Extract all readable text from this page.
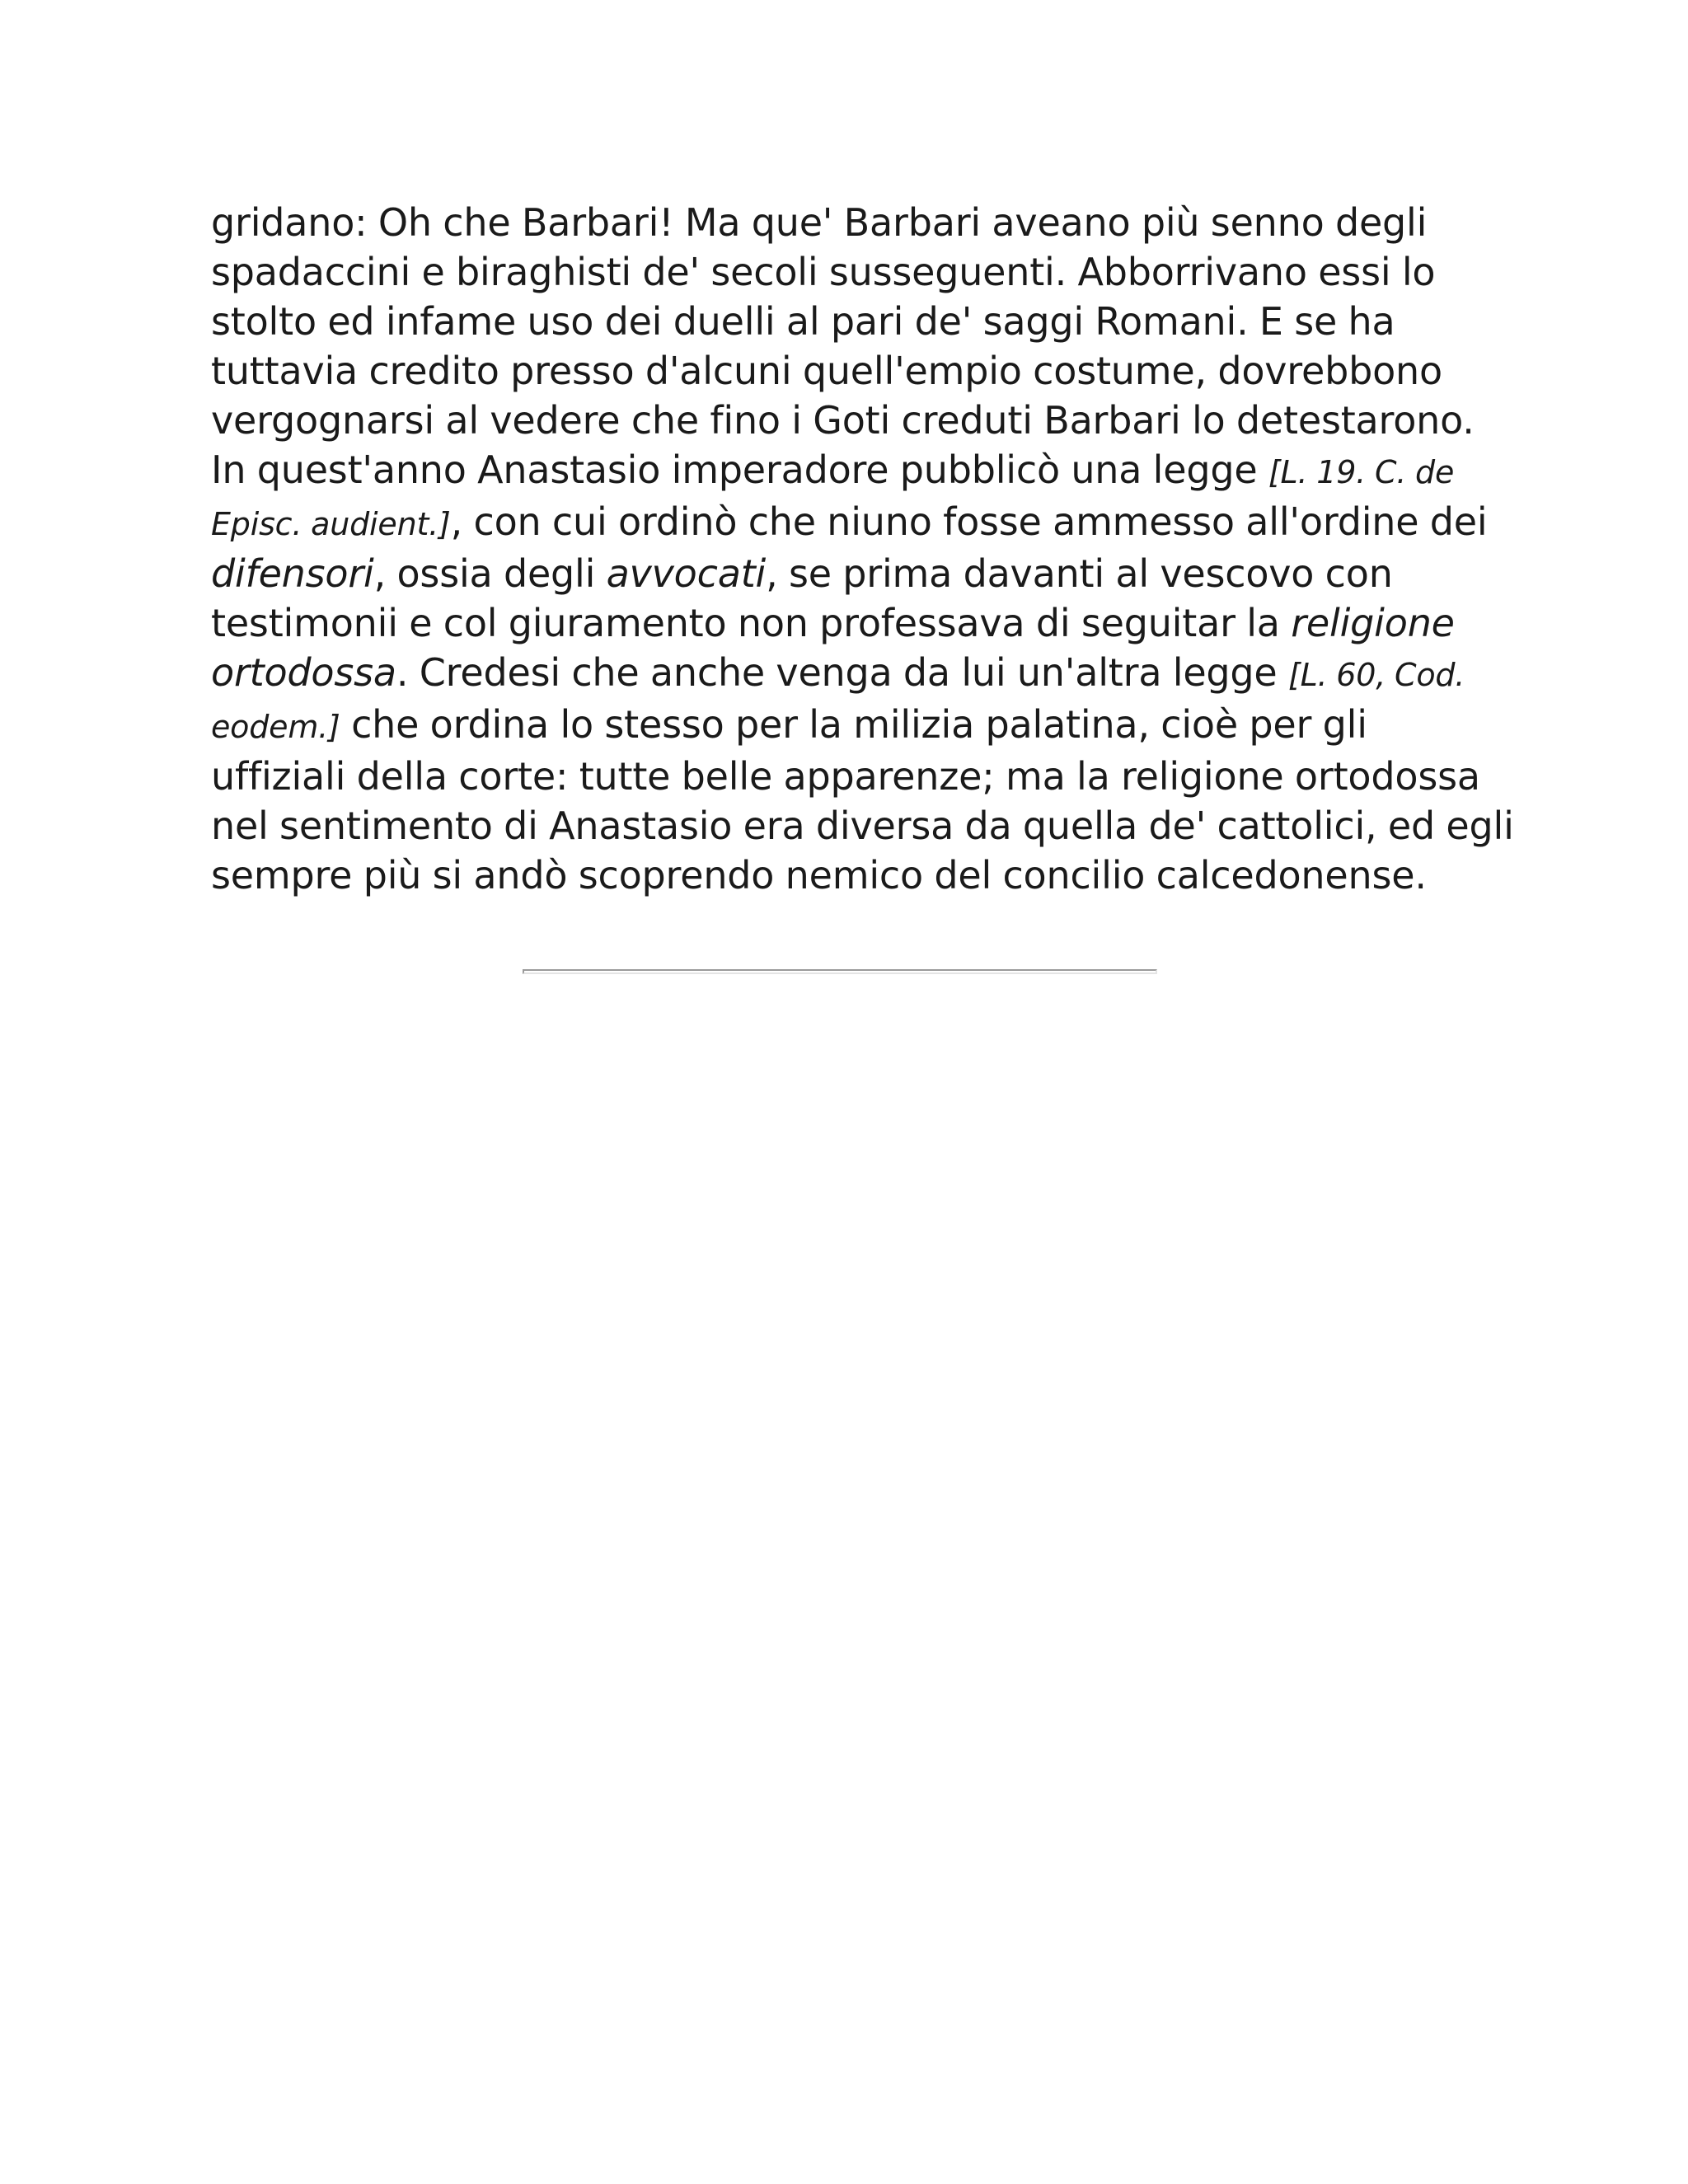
gridano: Oh che Barbari! Ma que' Barbari aveano più senno degli
spadaccini e biraghisti de' secoli susseguenti. Abborrivano essi lo
stolto ed infame uso dei duelli al pari de' saggi Romani. E se ha
tuttavia credito presso d'alcuni quell'empio costume, dovrebbono
vergognarsi al vedere che fino i Goti creduti Barbari lo detestarono.
In quest'anno Anastasio imperadore pubblicò una legge [L. 19. C. de
Episc. audient.], con cui ordinò che niuno fosse ammesso all'ordine dei
difensori, ossia degli avvocati, se prima davanti al vescovo con
testimonii e col giuramento non professava di seguitar la religione
ortodossa. Credesi che anche venga da lui un'altra legge [L. 60, Cod.
eodem.] che ordina lo stesso per la milizia palatina, cioè per gli
uffiziali della corte: tutte belle apparenze; ma la religione ortodossa
nel sentimento di Anastasio era diversa da quella de' cattolici, ed egli
sempre più si andò scoprendo nemico del concilio calcedonense.
